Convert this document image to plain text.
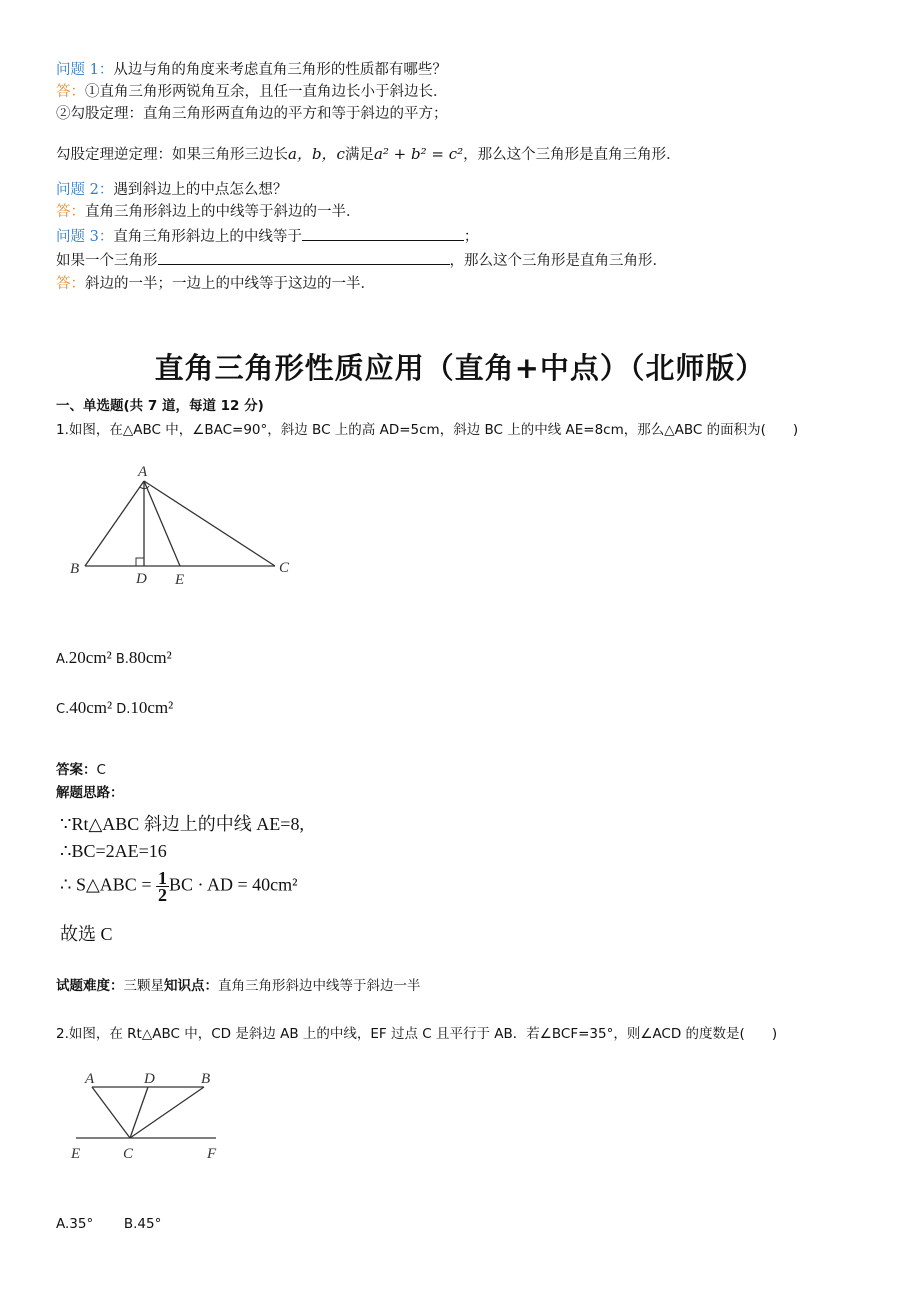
问题 1：从边与角的角度来考虑直角三角形的性质都有哪些？
答：①直角三角形两锐角互余，且任一直角边长小于斜边长．
②勾股定理：直角三角形两直角边的平方和等于斜边的平方；
勾股定理逆定理：如果三角形三边长a，b，c满足a² + b² = c²，那么这个三角形是直角三角形．
问题 2：遇到斜边上的中点怎么想？
答：直角三角形斜边上的中线等于斜边的一半．
问题 3：直角三角形斜边上的中线等于	；
如果一个三角形	，那么这个三角形是直角三角形．
答：斜边的一半；一边上的中线等于这边的一半．
直角三角形性质应用（直角+中点）（北师版）
一、单选题(共 7 道，每道 12 分)
1.如图，在△ABC 中，∠BAC=90°，斜边 BC 上的高 AD=5cm，斜边 BC 上的中线 AE=8cm，那么△ABC 的面积为(　　)
A
B	C
D E
A.20cm² B.80cm²
C.40cm² D.10cm²
答案：C
解题思路：
∵Rt△ABC 斜边上的中线 AE=8,
∴BC=2AE=16
∴ S△ABC = $\frac{1}{2}$ BC · AD = 40cm²
故选 C
试题难度：三颗星知识点：直角三角形斜边中线等于斜边一半
2.如图，在 Rt△ABC 中，CD 是斜边 AB 上的中线，EF 过点 C 且平行于 AB．若∠BCF=35°，则∠ACD 的度数是(　　)
A	D	B
E	C	F
A.35° B.45°
